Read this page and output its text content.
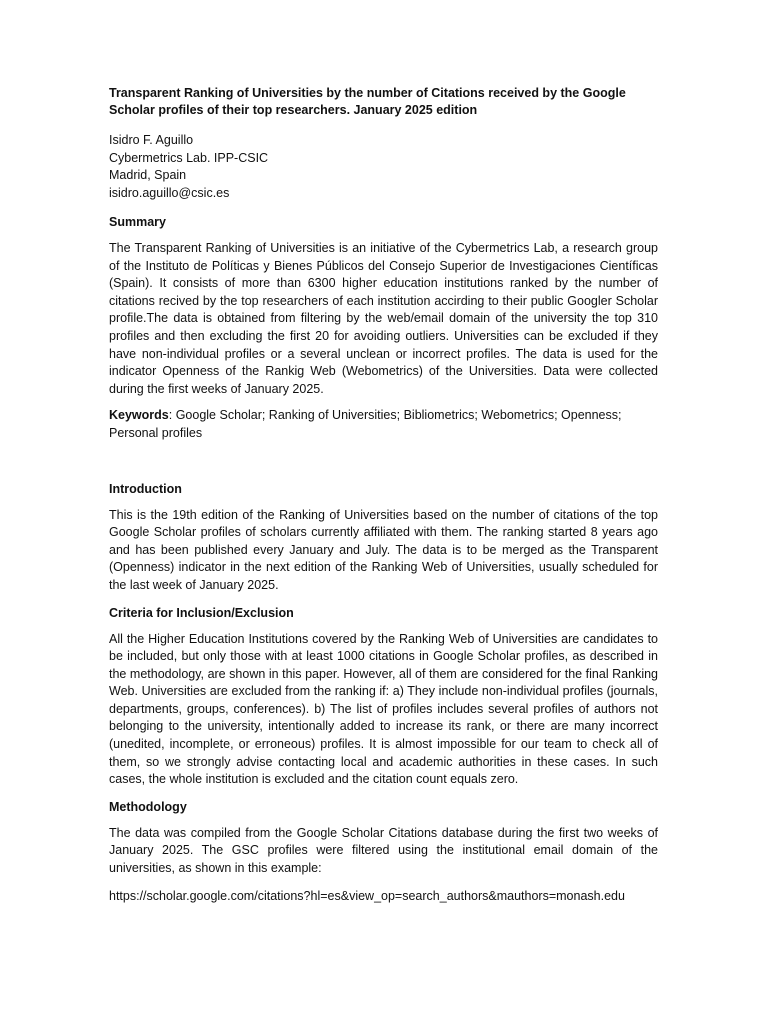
Transparent Ranking of Universities by the number of Citations received by the Google Scholar profiles of their top researchers. January 2025 edition
Isidro F. Aguillo
Cybermetrics Lab. IPP-CSIC
Madrid, Spain
isidro.aguillo@csic.es
Summary
The Transparent Ranking of Universities is an initiative of the Cybermetrics Lab, a research group of the Instituto de Políticas y Bienes Públicos del Consejo Superior de Investigaciones Científicas (Spain). It consists of more than 6300 higher education institutions ranked by the number of citations recived by the top researchers of each institution accirding to their public Googler Scholar profile.The data is obtained from filtering by the web/email domain of the university the top 310 profiles and then excluding the first 20 for avoiding outliers. Universities can be excluded if they have non-individual profiles or a several unclean or incorrect profiles. The data is used for the indicator Openness of the Rankig Web (Webometrics) of the Universities. Data were collected during the first weeks of January 2025.
Keywords: Google Scholar; Ranking of Universities; Bibliometrics; Webometrics; Openness; Personal profiles
Introduction
This is the 19th edition of the Ranking of Universities based on the number of citations of the top Google Scholar profiles of scholars currently affiliated with them. The ranking started 8 years ago and has been published every January and July. The data is to be merged as the Transparent (Openness) indicator in the next edition of the Ranking Web of Universities, usually scheduled for the last week of January 2025.
Criteria for Inclusion/Exclusion
All the Higher Education Institutions covered by the Ranking Web of Universities are candidates to be included, but only those with at least 1000 citations in Google Scholar profiles, as described in the methodology, are shown in this paper. However, all of them are considered for the final Ranking Web. Universities are excluded from the ranking if: a) They include non-individual profiles (journals, departments, groups, conferences). b) The list of profiles includes several profiles of authors not belonging to the university, intentionally added to increase its rank, or there are many incorrect (unedited, incomplete, or erroneous) profiles. It is almost impossible for our team to check all of them, so we strongly advise contacting local and academic authorities in these cases. In such cases, the whole institution is excluded and the citation count equals zero.
Methodology
The data was compiled from the Google Scholar Citations database during the first two weeks of January 2025. The GSC profiles were filtered using the institutional email domain of the universities, as shown in this example:
https://scholar.google.com/citations?hl=es&view_op=search_authors&mauthors=monash.edu
